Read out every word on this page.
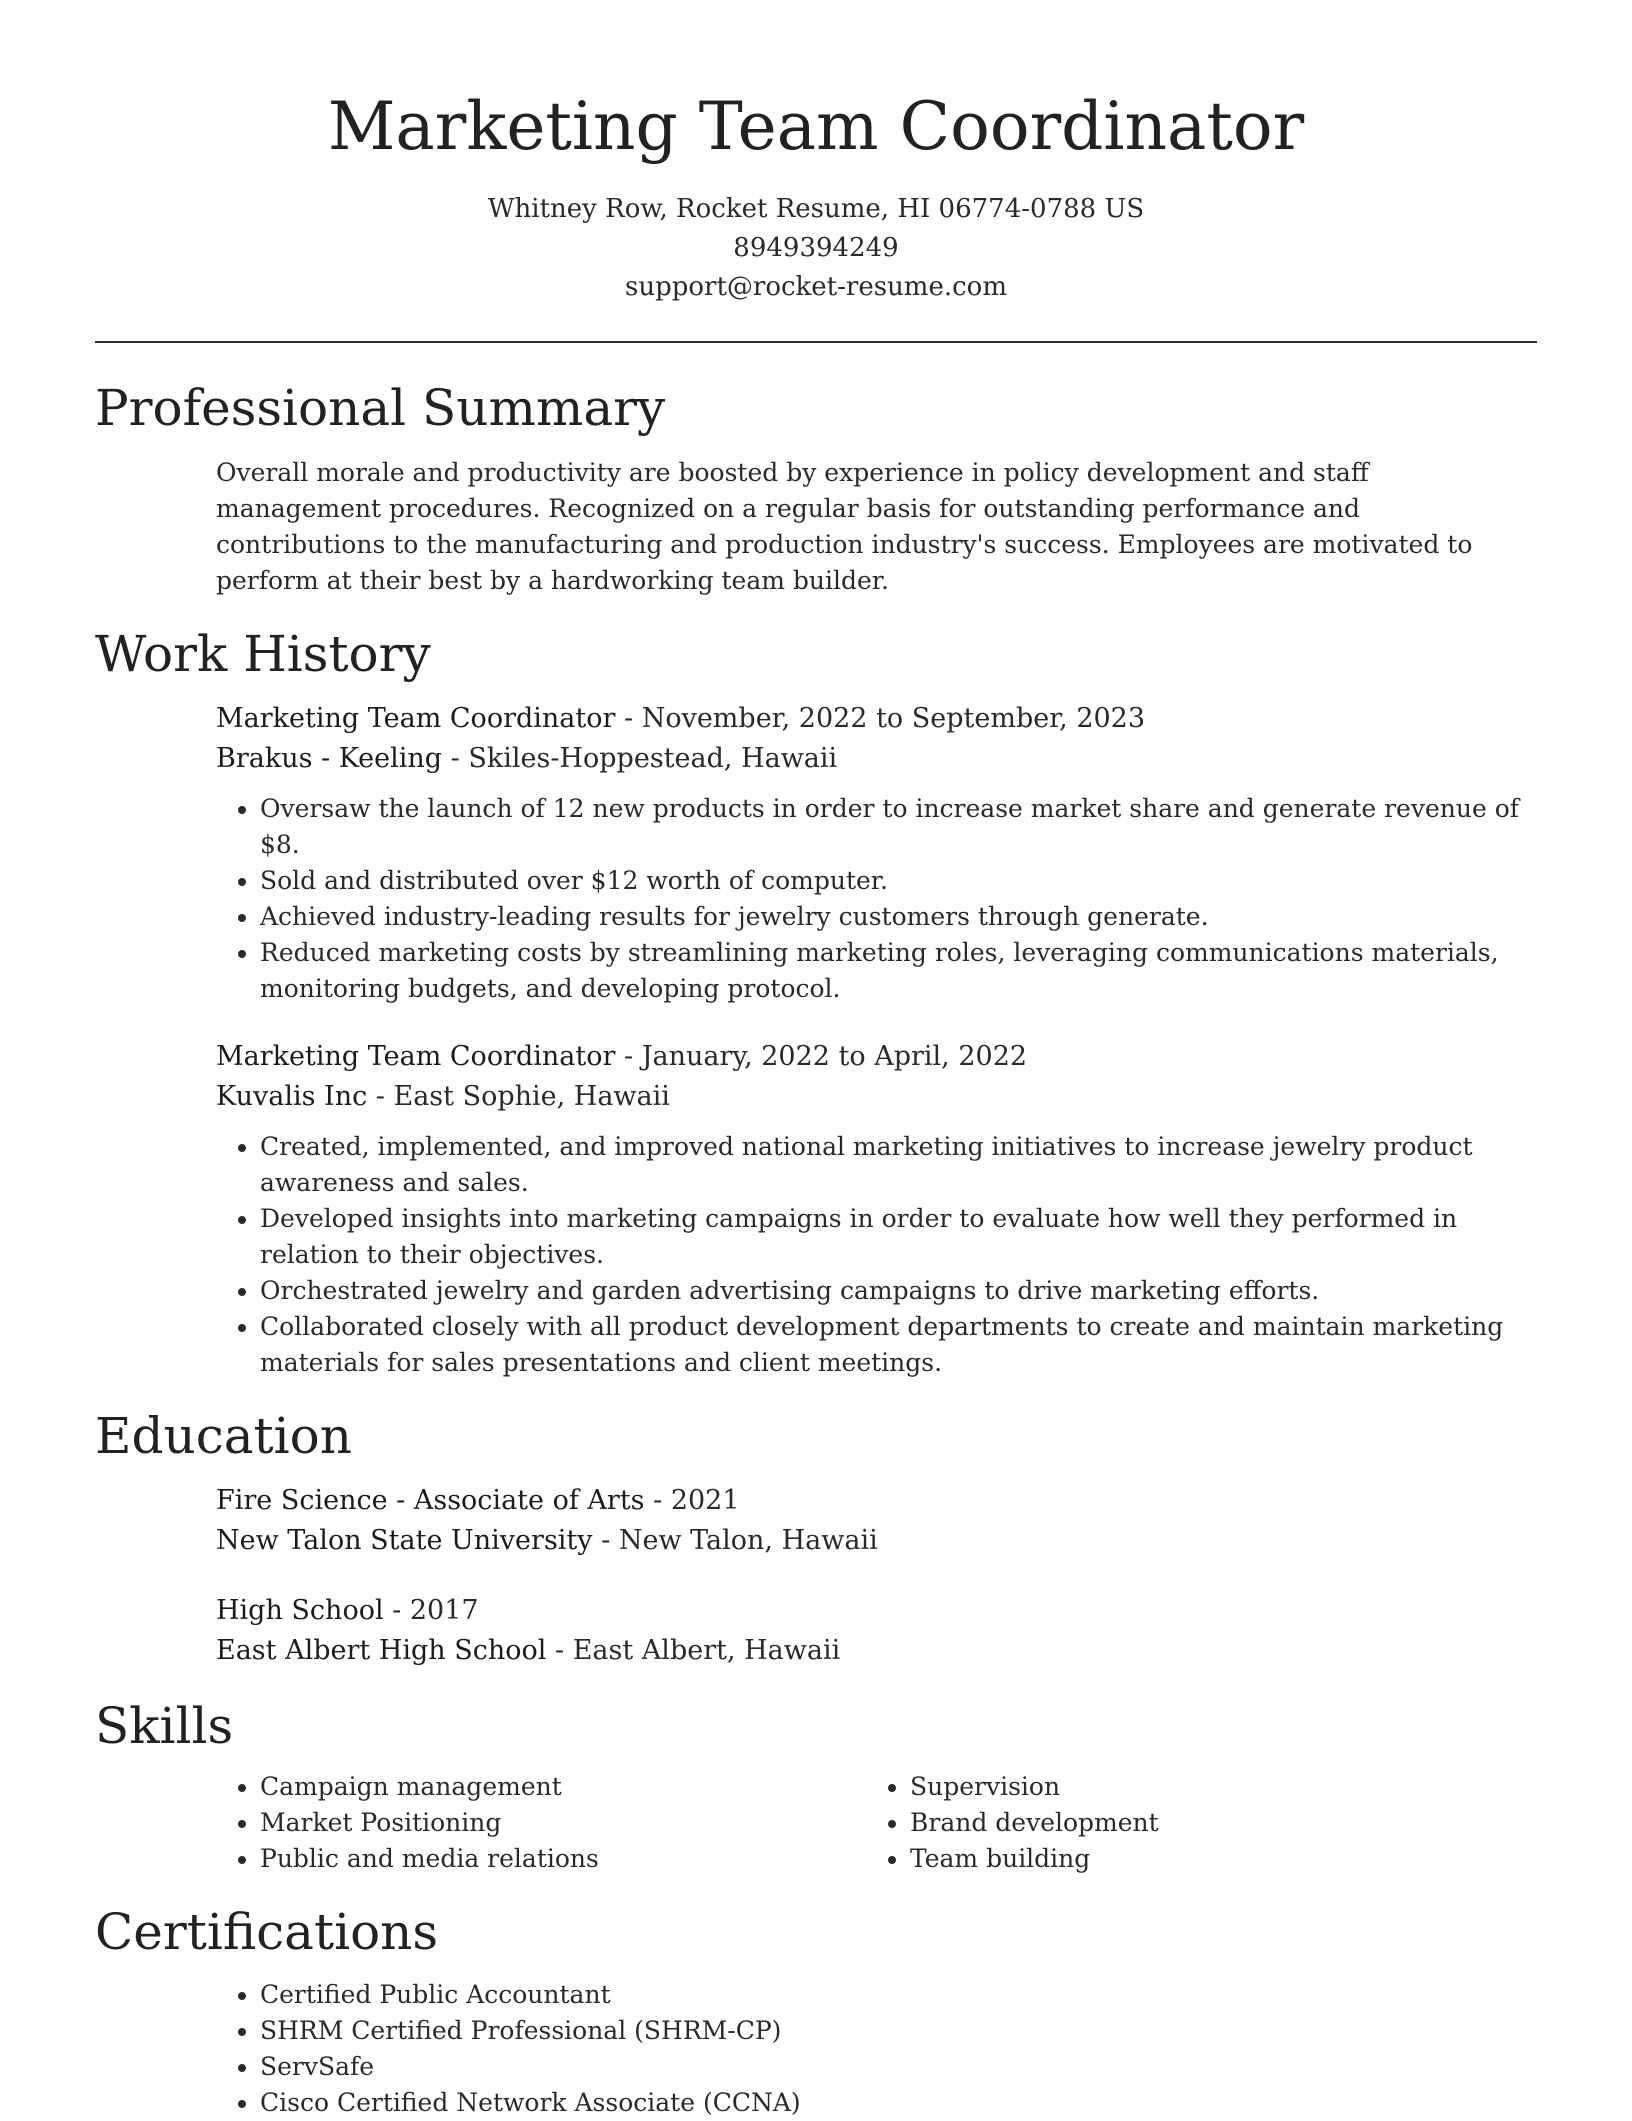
Marketing Team Coordinator
Whitney Row, Rocket Resume, HI 06774-0788 US
8949394249
support@rocket-resume.com
Professional Summary

Overall morale and productivity are boosted by experience in policy development and staff management procedures. Recognized on a regular basis for outstanding performance and contributions to the manufacturing and production industry's success. Employees are motivated to perform at their best by a hardworking team builder.

Work History
Marketing Team Coordinator - November, 2022 to September, 2023
Brakus - Keeling - Skiles-Hoppestead, Hawaii
• Oversaw the launch of 12 new products in order to increase market share and generate revenue of $8.
• Sold and distributed over $12 worth of computer.
• Achieved industry-leading results for jewelry customers through generate.
• Reduced marketing costs by streamlining marketing roles, leveraging communications materials, monitoring budgets, and developing protocol.
Marketing Team Coordinator - January, 2022 to April, 2022
Kuvalis Inc - East Sophie, Hawaii
• Created, implemented, and improved national marketing initiatives to increase jewelry product awareness and sales.
• Developed insights into marketing campaigns in order to evaluate how well they performed in relation to their objectives.
• Orchestrated jewelry and garden advertising campaigns to drive marketing efforts.
• Collaborated closely with all product development departments to create and maintain marketing materials for sales presentations and client meetings.
Education
Fire Science - Associate of Arts - 2021
New Talon State University - New Talon, Hawaii
High School - 2017
East Albert High School - East Albert, Hawaii
Skills
• Campaign management
• Market Positioning
• Public and media relations
• Supervision
• Brand development
• Team building
Certifications
• Certified Public Accountant
• SHRM Certified Professional (SHRM-CP)
• ServSafe
• Cisco Certified Network Associate (CCNA)
